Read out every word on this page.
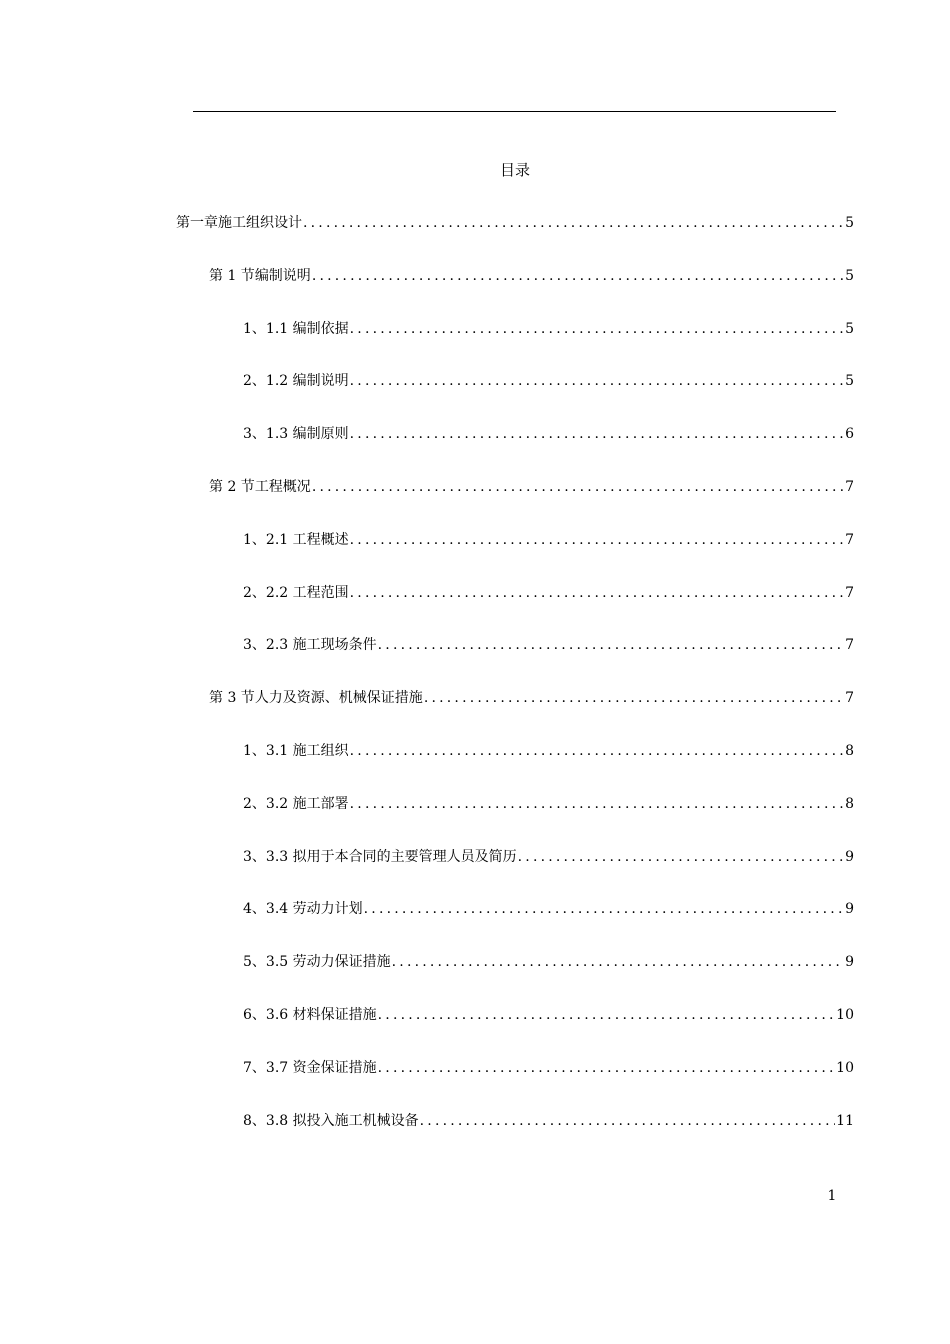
目录
第一章 施工组织设计 .....	5
第 1 节 编制说明 .....	5
1、 1.1 编制依据 .....	5
2、 1.2 编制说明 .....	5
3、 1.3 编制原则 .....	6
第 2 节 工程概况 .....	7
1、 2.1 工程概述 .....	7
2、 2.2 工程范围 .....	7
3、 2.3 施工现场条件 .....	7
第 3 节 人力及资源、机械保证措施 .....	7
1、 3.1 施工组织 .....	8
2、 3.2 施工部署 .....	8
3、 3.3 拟用于本合同的主要管理人员及简历 .....	9
4、 3.4 劳动力计划 .....	9
5、 3.5 劳动力保证措施 .....	9
6、 3.6 材料保证措施 .....	10
7、 3.7 资金保证措施 .....	10
8、 3.8 拟投入施工机械设备 .....	11
1
